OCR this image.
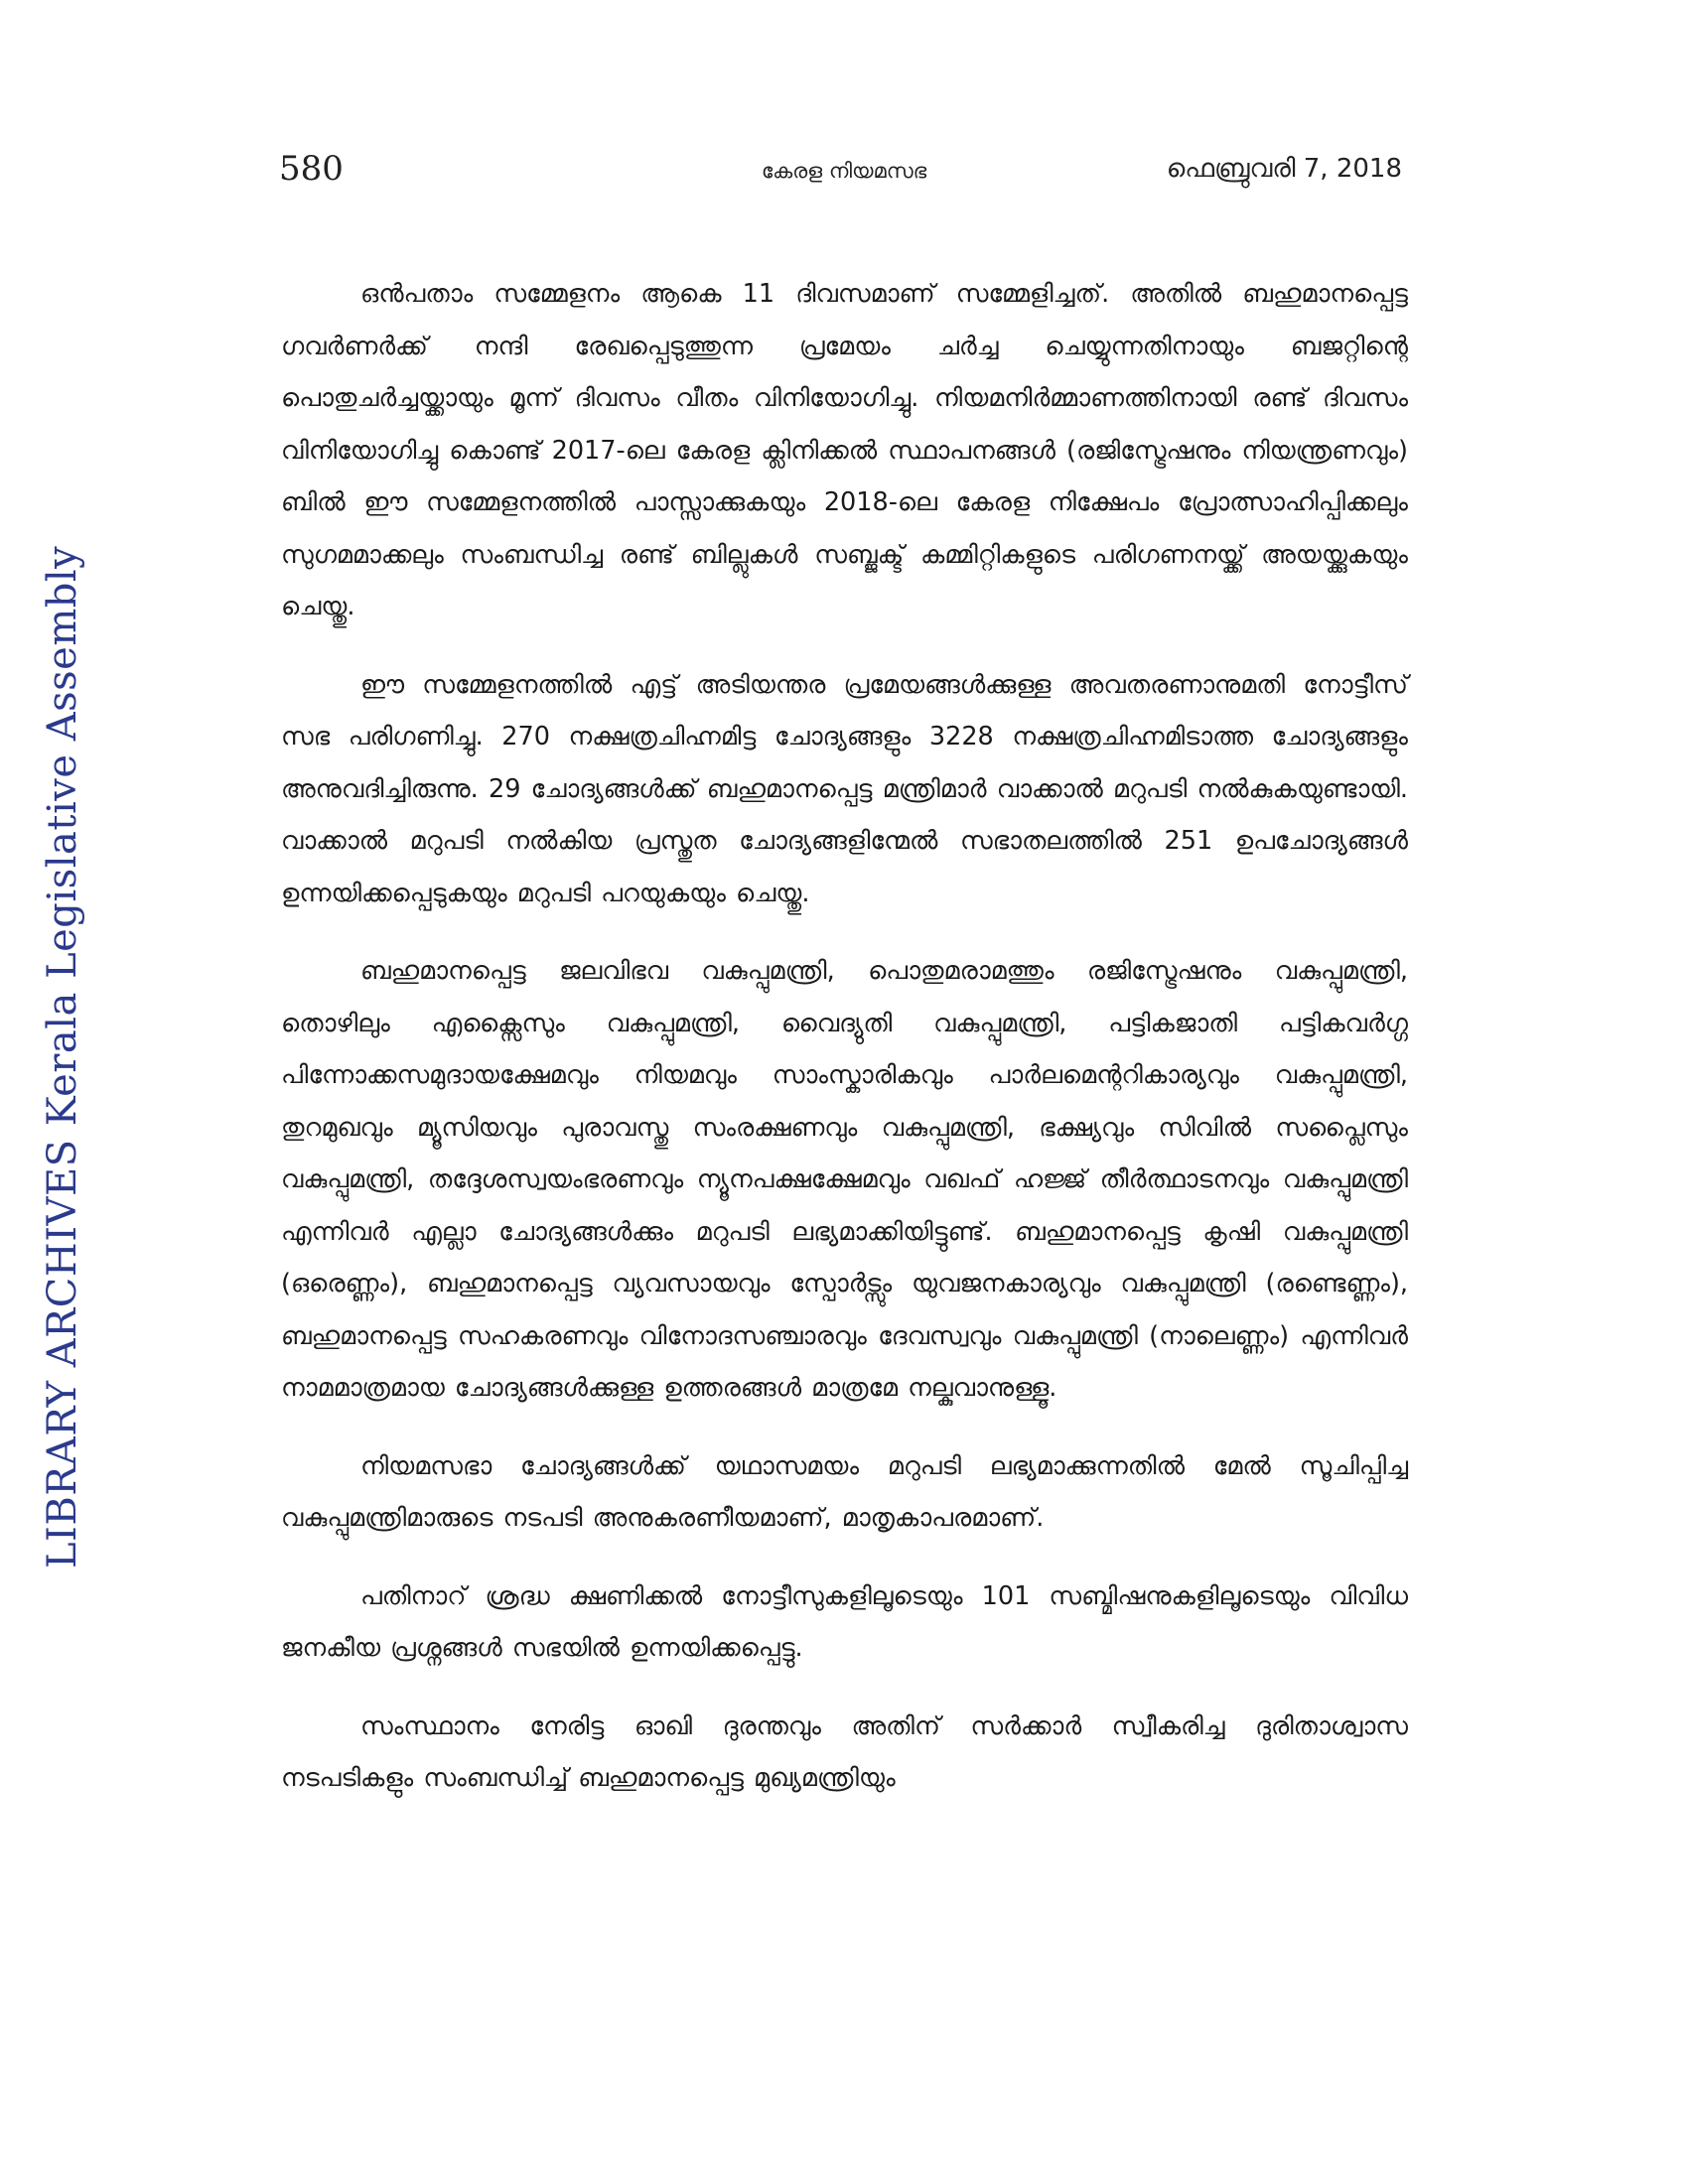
580	കേരള നിയമസഭ	ഫെബ്രുവരി 7, 2018
LIBRARY ARCHIVES Kerala Legislative Assembly

ഒൻപതാം സമ്മേളനം ആകെ 11 ദിവസമാണ് സമ്മേളിച്ചത്. അതിൽ ബഹുമാനപ്പെട്ട ഗവർണർക്ക് നന്ദി രേഖപ്പെടുത്തുന്ന പ്രമേയം ചർച്ച ചെയ്യുന്നതിനായും ബജറ്റിന്റെ പൊതുചർച്ചയ്ക്കായും മൂന്ന് ദിവസം വീതം വിനിയോഗിച്ചു. നിയമനിർമ്മാണത്തിനായി രണ്ട് ദിവസം വിനിയോഗിച്ചു കൊണ്ട് 2017-ലെ കേരള ക്ലിനിക്കൽ സ്ഥാപനങ്ങൾ (രജിസ്ട്രേഷനും നിയന്ത്രണവും) ബിൽ ഈ സമ്മേളനത്തിൽ പാസ്സാക്കുകയും 2018-ലെ കേരള നിക്ഷേപം പ്രോത്സാഹിപ്പിക്കലും സുഗമമാക്കലും സംബന്ധിച്ച രണ്ട് ബില്ലുകൾ സബ്ജക്ട് കമ്മിറ്റികളുടെ പരിഗണനയ്ക്ക് അയയ്ക്കുകയും ചെയ്തു.

ഈ സമ്മേളനത്തിൽ എട്ട് അടിയന്തര പ്രമേയങ്ങൾക്കുള്ള അവതരണാനുമതി നോട്ടീസ് സഭ പരിഗണിച്ചു. 270 നക്ഷത്രചിഹ്നമിട്ട ചോദ്യങ്ങളും 3228 നക്ഷത്രചിഹ്നമിടാത്ത ചോദ്യങ്ങളും അനുവദിച്ചിരുന്നു. 29 ചോദ്യങ്ങൾക്ക് ബഹുമാനപ്പെട്ട മന്ത്രിമാർ വാക്കാൽ മറുപടി നൽകുകയുണ്ടായി. വാക്കാൽ മറുപടി നൽകിയ പ്രസ്തുത ചോദ്യങ്ങളിന്മേൽ സഭാതലത്തിൽ 251 ഉപചോദ്യങ്ങൾ ഉന്നയിക്കപ്പെടുകയും മറുപടി പറയുകയും ചെയ്തു.

ബഹുമാനപ്പെട്ട ജലവിഭവ വകുപ്പുമന്ത്രി, പൊതുമരാമത്തും രജിസ്ട്രേഷനും വകുപ്പുമന്ത്രി, തൊഴിലും എക്സൈസും വകുപ്പുമന്ത്രി, വൈദ്യുതി വകുപ്പുമന്ത്രി, പട്ടികജാതി പട്ടികവർഗ്ഗ പിന്നോക്കസമുദായക്ഷേമവും നിയമവും സാംസ്കാരികവും പാർലമെന്ററികാര്യവും വകുപ്പുമന്ത്രി, തുറമുഖവും മ്യൂസിയവും പുരാവസ്തു സംരക്ഷണവും വകുപ്പുമന്ത്രി, ഭക്ഷ്യവും സിവിൽ സപ്ലൈസും വകുപ്പുമന്ത്രി, തദ്ദേശസ്വയംഭരണവും ന്യൂനപക്ഷക്ഷേമവും വഖഫ് ഹജ്ജ് തീർത്ഥാടനവും വകുപ്പുമന്ത്രി എന്നിവർ എല്ലാ ചോദ്യങ്ങൾക്കും മറുപടി ലഭ്യമാക്കിയിട്ടുണ്ട്. ബഹുമാനപ്പെട്ട കൃഷി വകുപ്പുമന്ത്രി (ഒരെണ്ണം), ബഹുമാനപ്പെട്ട വ്യവസായവും സ്പോർട്സും യുവജനകാര്യവും വകുപ്പുമന്ത്രി (രണ്ടെണ്ണം), ബഹുമാനപ്പെട്ട സഹകരണവും വിനോദസഞ്ചാരവും ദേവസ്വവും വകുപ്പുമന്ത്രി (നാലെണ്ണം) എന്നിവർ നാമമാത്രമായ ചോദ്യങ്ങൾക്കുള്ള ഉത്തരങ്ങൾ മാത്രമേ നല്കുവാനുള്ളൂ.

നിയമസഭാ ചോദ്യങ്ങൾക്ക് യഥാസമയം മറുപടി ലഭ്യമാക്കുന്നതിൽ മേൽ സൂചിപ്പിച്ച വകുപ്പുമന്ത്രിമാരുടെ നടപടി അനുകരണീയമാണ്, മാതൃകാപരമാണ്.

പതിനാറ് ശ്രദ്ധ ക്ഷണിക്കൽ നോട്ടീസുകളിലൂടെയും 101 സബ്മിഷനുകളിലൂടെയും വിവിധ ജനകീയ പ്രശ്നങ്ങൾ സഭയിൽ ഉന്നയിക്കപ്പെട്ടു.

സംസ്ഥാനം നേരിട്ട ഓഖി ദുരന്തവും അതിന് സർക്കാർ സ്വീകരിച്ച ദുരിതാശ്വാസ നടപടികളും സംബന്ധിച്ച് ബഹുമാനപ്പെട്ട മുഖ്യമന്ത്രിയും
